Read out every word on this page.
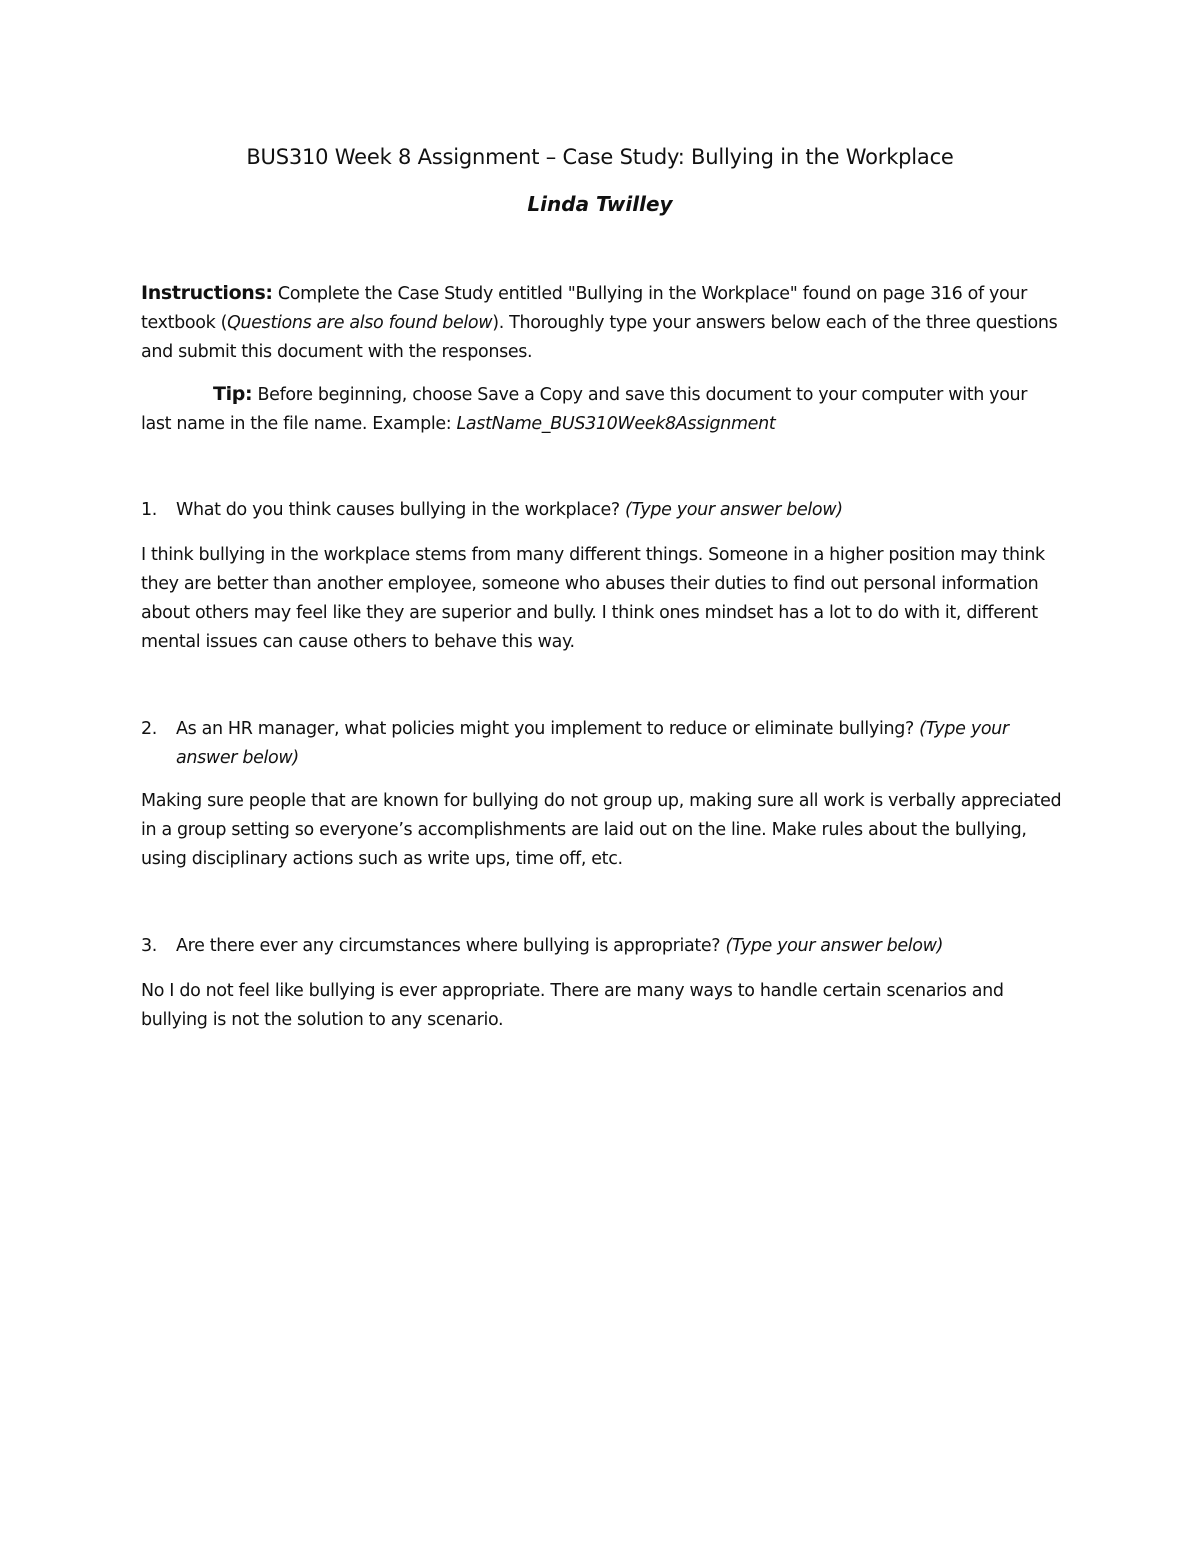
BUS310 Week 8 Assignment – Case Study: Bullying in the Workplace
Linda Twilley
Instructions: Complete the Case Study entitled "Bullying in the Workplace" found on page 316 of your textbook (Questions are also found below). Thoroughly type your answers below each of the three questions and submit this document with the responses.
Tip: Before beginning, choose Save a Copy and save this document to your computer with your
last name in the file name. Example: LastName_BUS310Week8Assignment
1.	What do you think causes bullying in the workplace? (Type your answer below)

I think bullying in the workplace stems from many different things. Someone in a higher position may think they are better than another employee, someone who abuses their duties to find out personal information about others may feel like they are superior and bully. I think ones mindset has a lot to do with it, different mental issues can cause others to behave this way.

2.	As an HR manager, what policies might you implement to reduce or eliminate bullying? (Type your answer below)

Making sure people that are known for bullying do not group up, making sure all work is verbally appreciated in a group setting so everyone’s accomplishments are laid out on the line. Make rules about the bullying, using disciplinary actions such as write ups, time off, etc.

3.	Are there ever any circumstances where bullying is appropriate? (Type your answer below)

No I do not feel like bullying is ever appropriate. There are many ways to handle certain scenarios and bullying is not the solution to any scenario.
